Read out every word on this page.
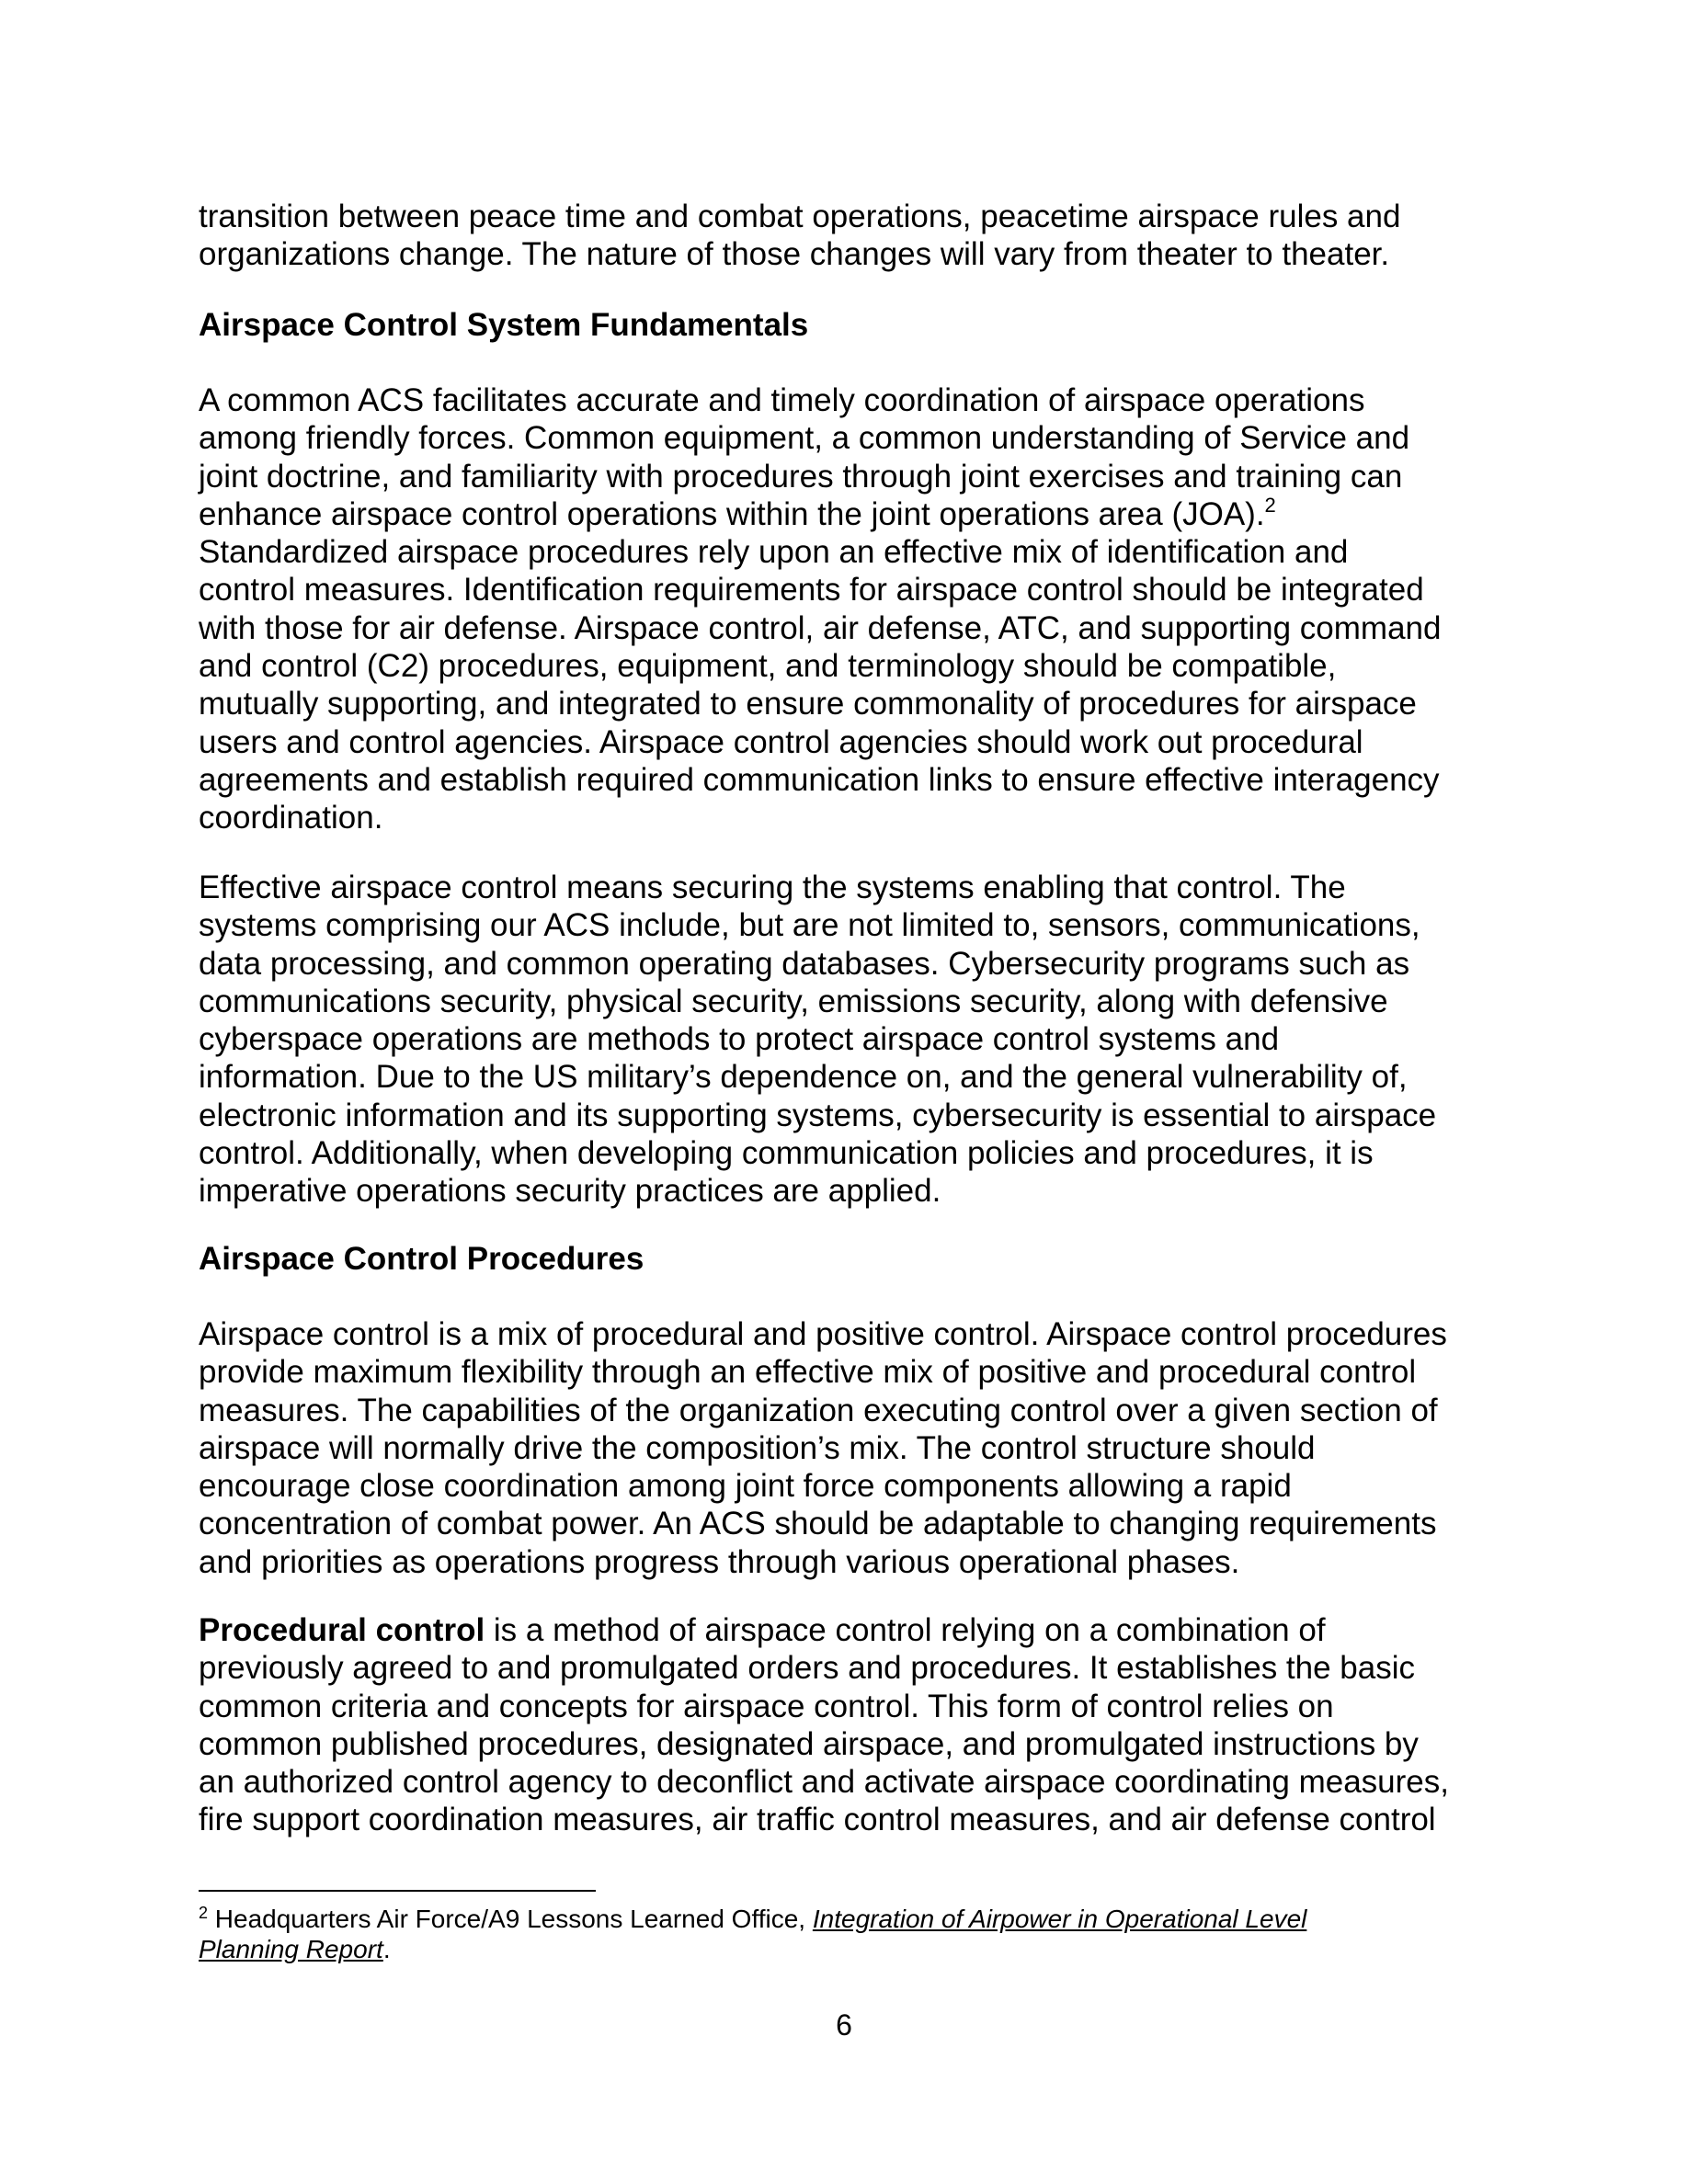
transition between peace time and combat operations, peacetime airspace rules and
organizations change. The nature of those changes will vary from theater to theater.

Airspace Control System Fundamentals

A common ACS facilitates accurate and timely coordination of airspace operations
among friendly forces. Common equipment, a common understanding of Service and
joint doctrine, and familiarity with procedures through joint exercises and training can
enhance airspace control operations within the joint operations area (JOA).$^2$
Standardized airspace procedures rely upon an effective mix of identification and
control measures. Identification requirements for airspace control should be integrated
with those for air defense. Airspace control, air defense, ATC, and supporting command
and control (C2) procedures, equipment, and terminology should be compatible,
mutually supporting, and integrated to ensure commonality of procedures for airspace
users and control agencies. Airspace control agencies should work out procedural
agreements and establish required communication links to ensure effective interagency
coordination.

Effective airspace control means securing the systems enabling that control. The
systems comprising our ACS include, but are not limited to, sensors, communications,
data processing, and common operating databases. Cybersecurity programs such as
communications security, physical security, emissions security, along with defensive
cyberspace operations are methods to protect airspace control systems and
information. Due to the US military’s dependence on, and the general vulnerability of,
electronic information and its supporting systems, cybersecurity is essential to airspace
control. Additionally, when developing communication policies and procedures, it is
imperative operations security practices are applied.

Airspace Control Procedures

Airspace control is a mix of procedural and positive control. Airspace control procedures
provide maximum flexibility through an effective mix of positive and procedural control
measures. The capabilities of the organization executing control over a given section of
airspace will normally drive the composition’s mix. The control structure should
encourage close coordination among joint force components allowing a rapid
concentration of combat power. An ACS should be adaptable to changing requirements
and priorities as operations progress through various operational phases.

Procedural control is a method of airspace control relying on a combination of
previously agreed to and promulgated orders and procedures. It establishes the basic
common criteria and concepts for airspace control. This form of control relies on
common published procedures, designated airspace, and promulgated instructions by
an authorized control agency to deconflict and activate airspace coordinating measures,
fire support coordination measures, air traffic control measures, and air defense control

$^2$ Headquarters Air Force/A9 Lessons Learned Office, Integration of Airpower in Operational Level
Planning Report.

6
